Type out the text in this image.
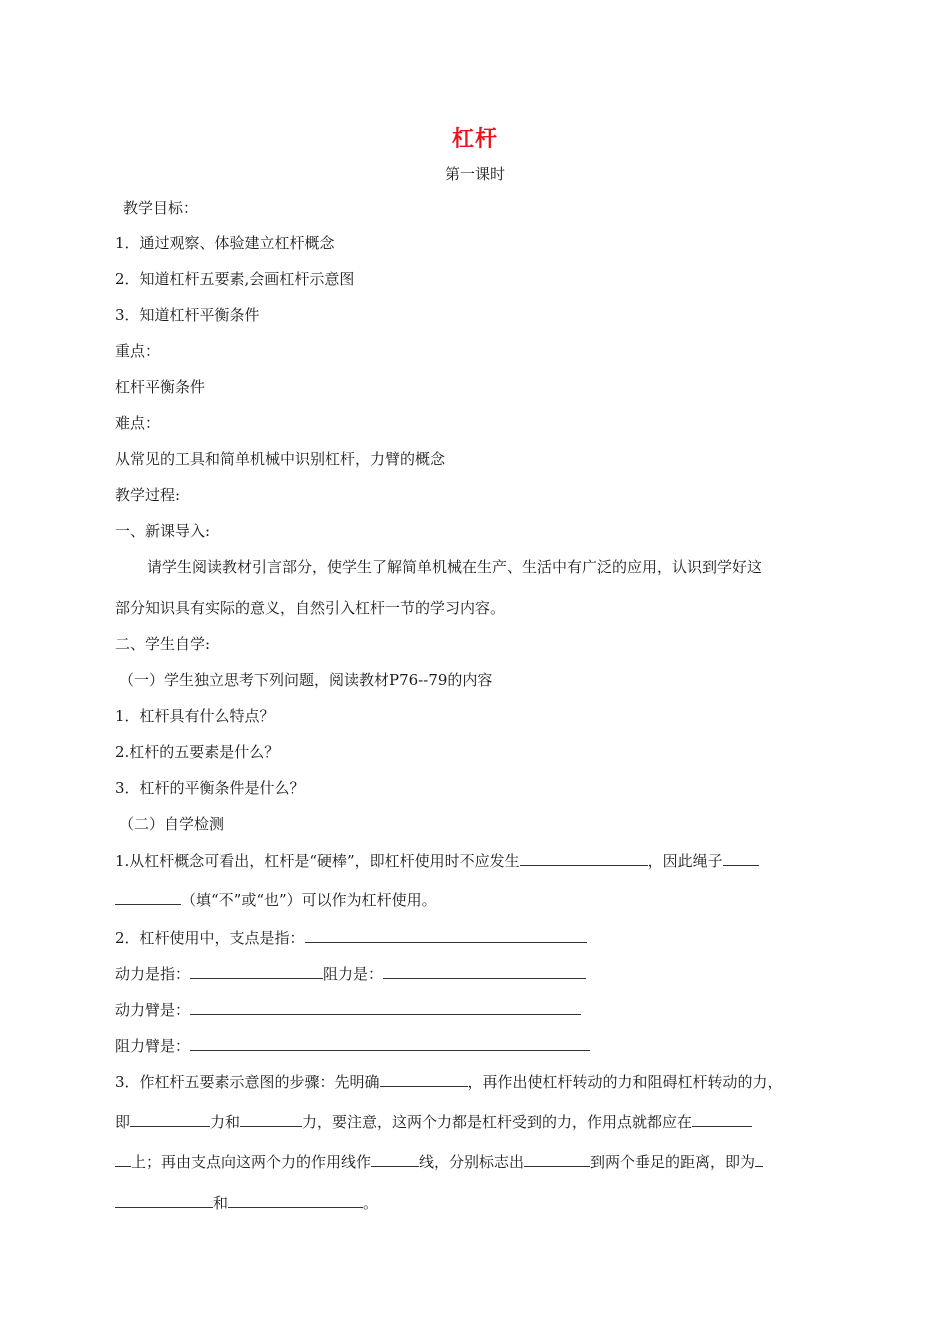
杠杆
第一课时
教学目标：
1．通过观察、体验建立杠杆概念
2．知道杠杆五要素,会画杠杆示意图
3．知道杠杆平衡条件
重点：
杠杆平衡条件
难点：
从常见的工具和简单机械中识别杠杆，力臂的概念
教学过程:
一、新课导入:
请学生阅读教材引言部分，使学生了解简单机械在生产、生活中有广泛的应用，认识到学好这
部分知识具有实际的意义，自然引入杠杆一节的学习内容。
二、学生自学:
（一）学生独立思考下列问题，阅读教材P76--79的内容
1．杠杆具有什么特点？
2.杠杆的五要素是什么？
3．杠杆的平衡条件是什么？
（二）自学检测
1.从杠杆概念可看出，杠杆是“硬棒”，即杠杆使用时不应发生	，因此绳子
（填“不”或“也”）可以作为杠杆使用。
2．杠杆使用中，支点是指：
动力是指：	阻力是：
动力臂是：
阻力臂是：
3．作杠杆五要素示意图的步骤：先明确	，再作出使杠杆转动的力和阻碍杠杆转动的力，
即	力和	力，要注意，这两个力都是杠杆受到的力，作用点就都应在
上；再由支点向这两个力的作用线作	线，分别标志出	到两个垂足的距离，即为
和	。
